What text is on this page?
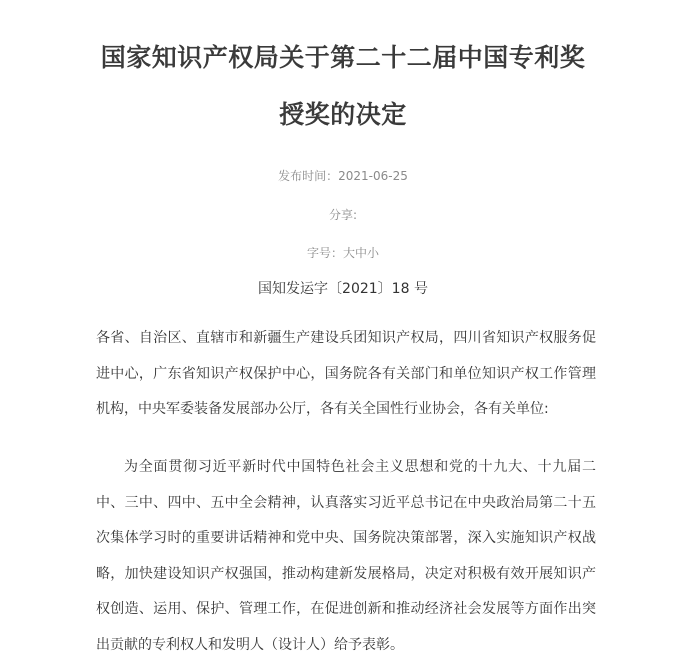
国家知识产权局关于第二十二届中国专利奖
授奖的决定
发布时间：2021-06-25
分享:
字号：大中小
国知发运字〔2021〕18 号

各省、自治区、直辖市和新疆生产建设兵团知识产权局，四川省知识产权服务促进中心，广东省知识产权保护中心，国务院各有关部门和单位知识产权工作管理机构，中央军委装备发展部办公厅，各有关全国性行业协会，各有关单位:

为全面贯彻习近平新时代中国特色社会主义思想和党的十九大、十九届二中、三中、四中、五中全会精神，认真落实习近平总书记在中央政治局第二十五次集体学习时的重要讲话精神和党中央、国务院决策部署，深入实施知识产权战略，加快建设知识产权强国，推动构建新发展格局，决定对积极有效开展知识产权创造、运用、保护、管理工作，在促进创新和推动经济社会发展等方面作出突出贡献的专利权人和发明人（设计人）给予表彰。
